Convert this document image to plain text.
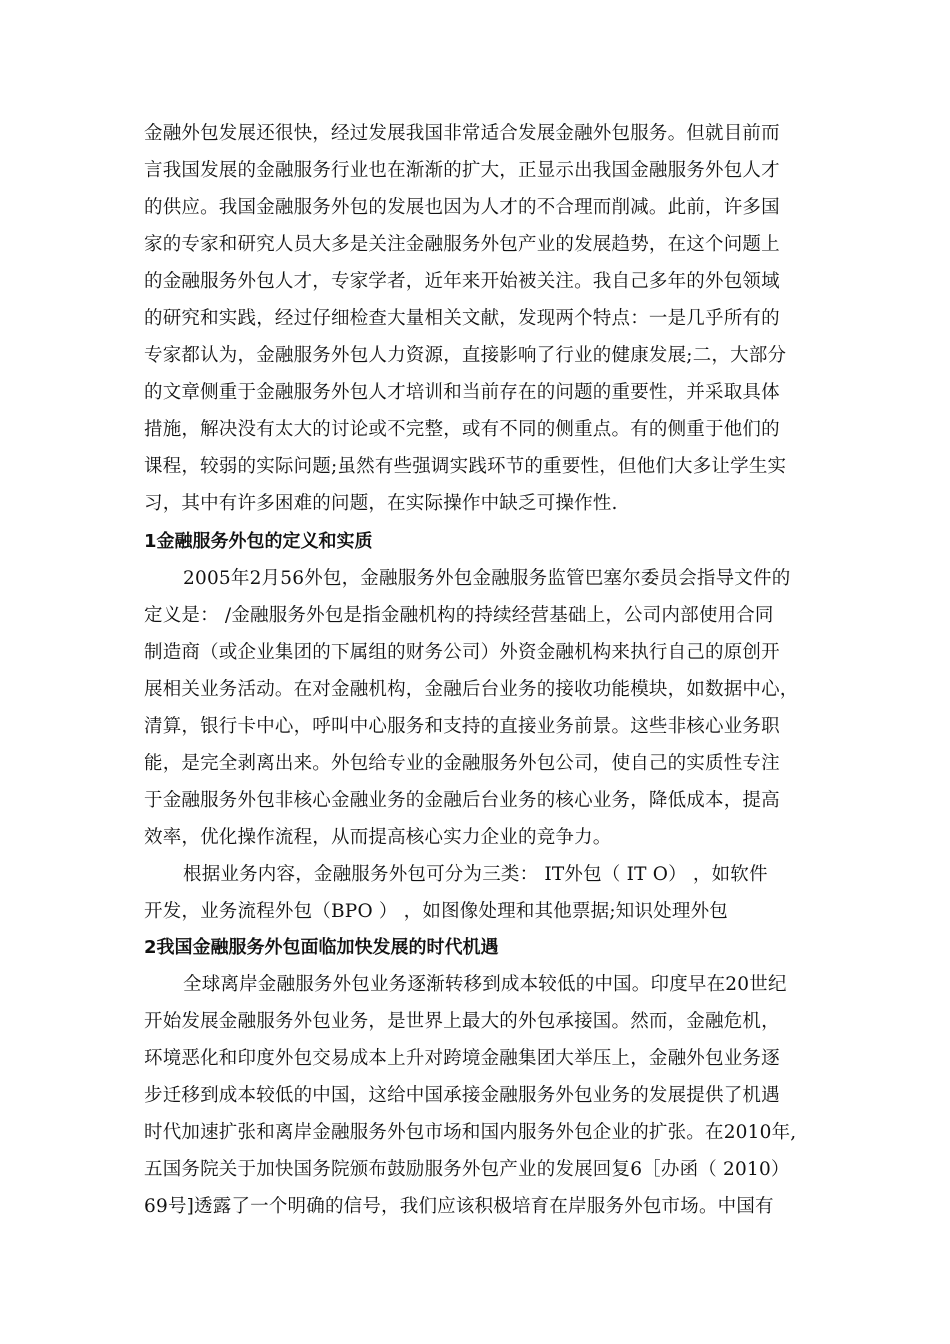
金融外包发展还很快，经过发展我国非常适合发展金融外包服务。但就目前而
言我国发展的金融服务行业也在渐渐的扩大，正显示出我国金融服务外包人才
的供应。我国金融服务外包的发展也因为人才的不合理而削减。此前，许多国
家的专家和研究人员大多是关注金融服务外包产业的发展趋势，在这个问题上
的金融服务外包人才，专家学者，近年来开始被关注。我自己多年的外包领域
的研究和实践，经过仔细检查大量相关文献，发现两个特点：一是几乎所有的
专家都认为，金融服务外包人力资源，直接影响了行业的健康发展;二，大部分
的文章侧重于金融服务外包人才培训和当前存在的问题的重要性，并采取具体
措施，解决没有太大的讨论或不完整，或有不同的侧重点。有的侧重于他们的
课程，较弱的实际问题;虽然有些强调实践环节的重要性，但他们大多让学生实
习，其中有许多困难的问题，在实际操作中缺乏可操作性.
1金融服务外包的定义和实质
2005年2月56外包，金融服务外包金融服务监管巴塞尔委员会指导文件的
定义是： /金融服务外包是指金融机构的持续经营基础上，公司内部使用合同
制造商（或企业集团的下属组的财务公司）外资金融机构来执行自己的原创开
展相关业务活动。在对金融机构，金融后台业务的接收功能模块，如数据中心，
清算，银行卡中心，呼叫中心服务和支持的直接业务前景。这些非核心业务职
能，是完全剥离出来。外包给专业的金融服务外包公司，使自己的实质性专注
于金融服务外包非核心金融业务的金融后台业务的核心业务，降低成本，提高
效率，优化操作流程，从而提高核心实力企业的竞争力。
根据业务内容，金融服务外包可分为三类： IT外包（ IT O） ，如软件
开发，业务流程外包（BPO ） ，如图像处理和其他票据;知识处理外包
2我国金融服务外包面临加快发展的时代机遇
全球离岸金融服务外包业务逐渐转移到成本较低的中国。印度早在20世纪
开始发展金融服务外包业务，是世界上最大的外包承接国。然而，金融危机，
环境恶化和印度外包交易成本上升对跨境金融集团大举压上，金融外包业务逐
步迁移到成本较低的中国，这给中国承接金融服务外包业务的发展提供了机遇
时代加速扩张和离岸金融服务外包市场和国内服务外包企业的扩张。在2010年,
五国务院关于加快国务院颁布鼓励服务外包产业的发展回复6［办函（ 2010）
69号]透露了一个明确的信号，我们应该积极培育在岸服务外包市场。中国有
